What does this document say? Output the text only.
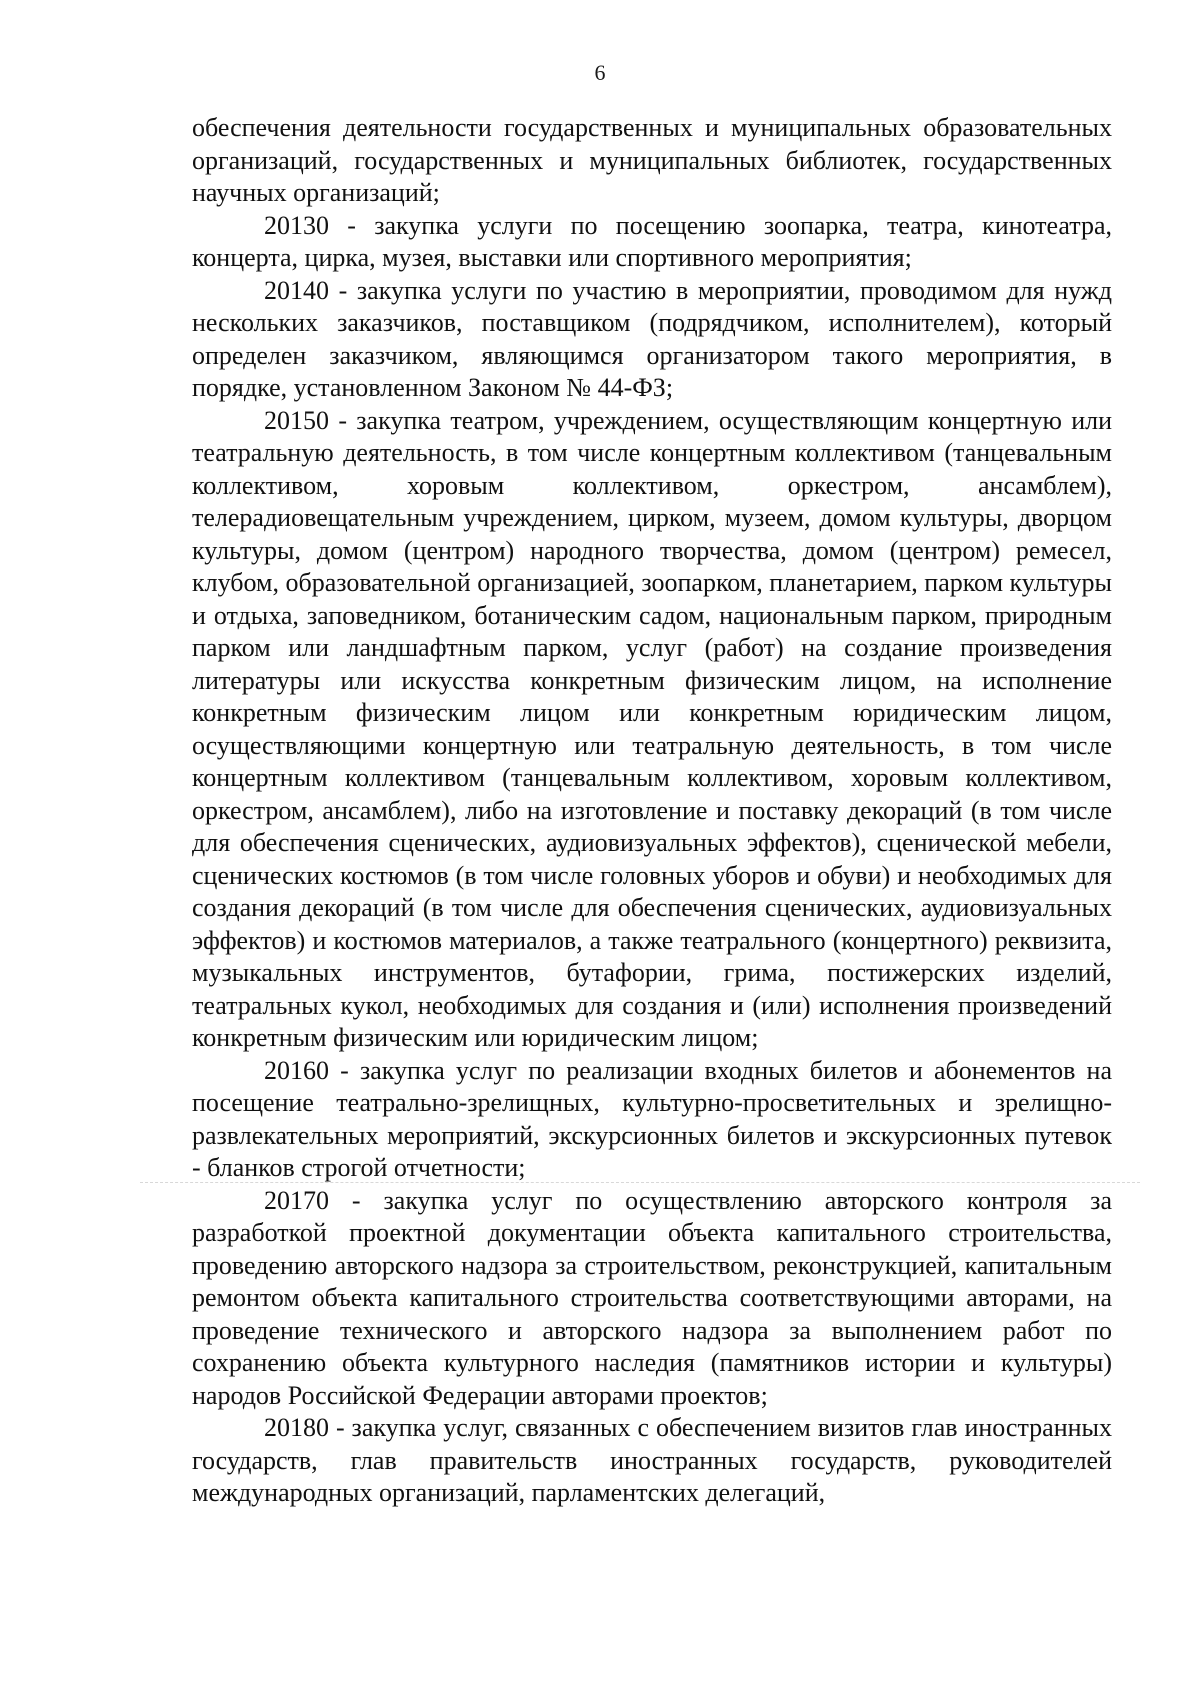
6

обеспечения деятельности государственных и муниципальных образовательных организаций, государственных и муниципальных библиотек, государственных научных организаций;

20130 - закупка услуги по посещению зоопарка, театра, кинотеатра, концерта, цирка, музея, выставки или спортивного мероприятия;

20140 - закупка услуги по участию в мероприятии, проводимом для нужд нескольких заказчиков, поставщиком (подрядчиком, исполнителем), который определен заказчиком, являющимся организатором такого мероприятия, в порядке, установленном Законом № 44-ФЗ;

20150 - закупка театром, учреждением, осуществляющим концертную или театральную деятельность, в том числе концертным коллективом (танцевальным коллективом, хоровым коллективом, оркестром, ансамблем), телерадиовещательным учреждением, цирком, музеем, домом культуры, дворцом культуры, домом (центром) народного творчества, домом (центром) ремесел, клубом, образовательной организацией, зоопарком, планетарием, парком культуры и отдыха, заповедником, ботаническим садом, национальным парком, природным парком или ландшафтным парком, услуг (работ) на создание произведения литературы или искусства конкретным физическим лицом, на исполнение конкретным физическим лицом или конкретным юридическим лицом, осуществляющими концертную или театральную деятельность, в том числе концертным коллективом (танцевальным коллективом, хоровым коллективом, оркестром, ансамблем), либо на изготовление и поставку декораций (в том числе для обеспечения сценических, аудиовизуальных эффектов), сценической мебели, сценических костюмов (в том числе головных уборов и обуви) и необходимых для создания декораций (в том числе для обеспечения сценических, аудиовизуальных эффектов) и костюмов материалов, а также театрального (концертного) реквизита, музыкальных инструментов, бутафории, грима, постижерских изделий, театральных кукол, необходимых для создания и (или) исполнения произведений конкретным физическим или юридическим лицом;

20160 - закупка услуг по реализации входных билетов и абонементов на посещение театрально-зрелищных, культурно-просветительных и зрелищно-развлекательных мероприятий, экскурсионных билетов и экскурсионных путевок - бланков строгой отчетности;

20170 - закупка услуг по осуществлению авторского контроля за разработкой проектной документации объекта капитального строительства, проведению авторского надзора за строительством, реконструкцией, капитальным ремонтом объекта капитального строительства соответствующими авторами, на проведение технического и авторского надзора за выполнением работ по сохранению объекта культурного наследия (памятников истории и культуры) народов Российской Федерации авторами проектов;

20180 - закупка услуг, связанных с обеспечением визитов глав иностранных государств, глав правительств иностранных государств, руководителей международных организаций, парламентских делегаций,
